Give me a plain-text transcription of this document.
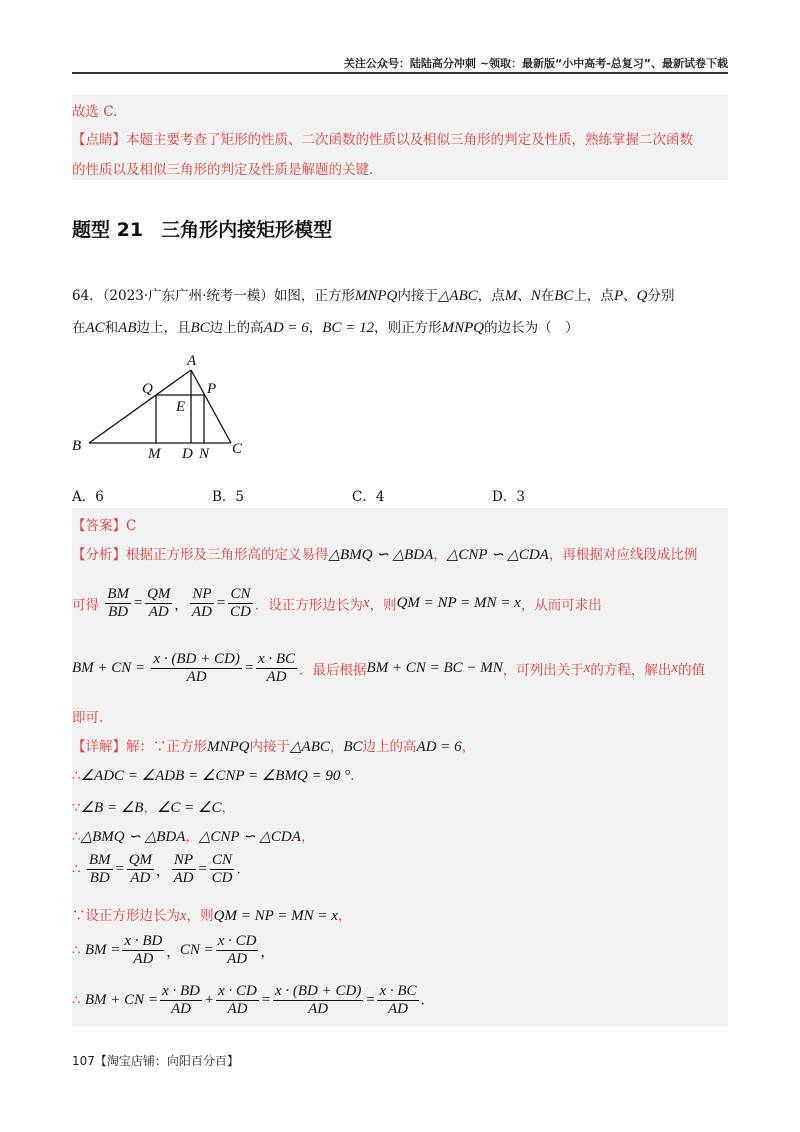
关注公众号：陆陆高分冲刺 ~领取：最新版“小中高考-总复习”、最新试卷下载
故选 C.
【点睛】本题主要考查了矩形的性质、二次函数的性质以及相似三角形的判定及性质，熟练掌握二次函数
的性质以及相似三角形的判定及性质是解题的关键.
题型 21 三角形内接矩形模型
64．（2023·广东广州·统考一模）如图，正方形MNPQ内接于△ABC，点M、N在BC上，点P、Q分别
在AC和AB边上，且BC边上的高AD = 6，BC = 12，则正方形MNPQ的边长为（　）
A
B	C
D
E
M	N
P
Q
A．6	B．5	C．4	D．3
【答案】C
【分析】根据正方形及三角形高的定义易得△BMQ ∽ △BDA，△CNP ∽ △CDA，再根据对应线段成比例
可得 $\frac{BM}{BD} = \frac{QM}{AD}$ ， $\frac{NP}{AD} = \frac{CN}{CD}$ ．设正方形边长为x，则QM = NP = MN = x，从而可求出
BM + CN = $\frac{x \cdot (BD + CD)}{AD} = \frac{x \cdot BC}{AD}$ ．最后根据BM + CN = BC − MN，可列出关于x的方程，解出x的值
即可.
【详解】解：∵正方形MNPQ内接于△ABC，BC边上的高AD = 6，
∴∠ADC = ∠ADB = ∠CNP = ∠BMQ = 90 °.
∵∠B = ∠B，∠C = ∠C，
∴△BMQ ∽ △BDA，△CNP ∽ △CDA，
∴ $\frac{BM}{BD} = \frac{QM}{AD}$ ， $\frac{NP}{AD} = \frac{CN}{CD}$ .
∵设正方形边长为x，则QM = NP = MN = x，
∴ BM = $\frac{x \cdot BD}{AD}$ ，CN = $\frac{x \cdot CD}{AD}$ ，
∴ BM + CN = $\frac{x \cdot BD}{AD} + \frac{x \cdot CD}{AD} = \frac{x \cdot (BD + CD)}{AD} = \frac{x \cdot BC}{AD}$ .
107【淘宝店铺：向阳百分百】
